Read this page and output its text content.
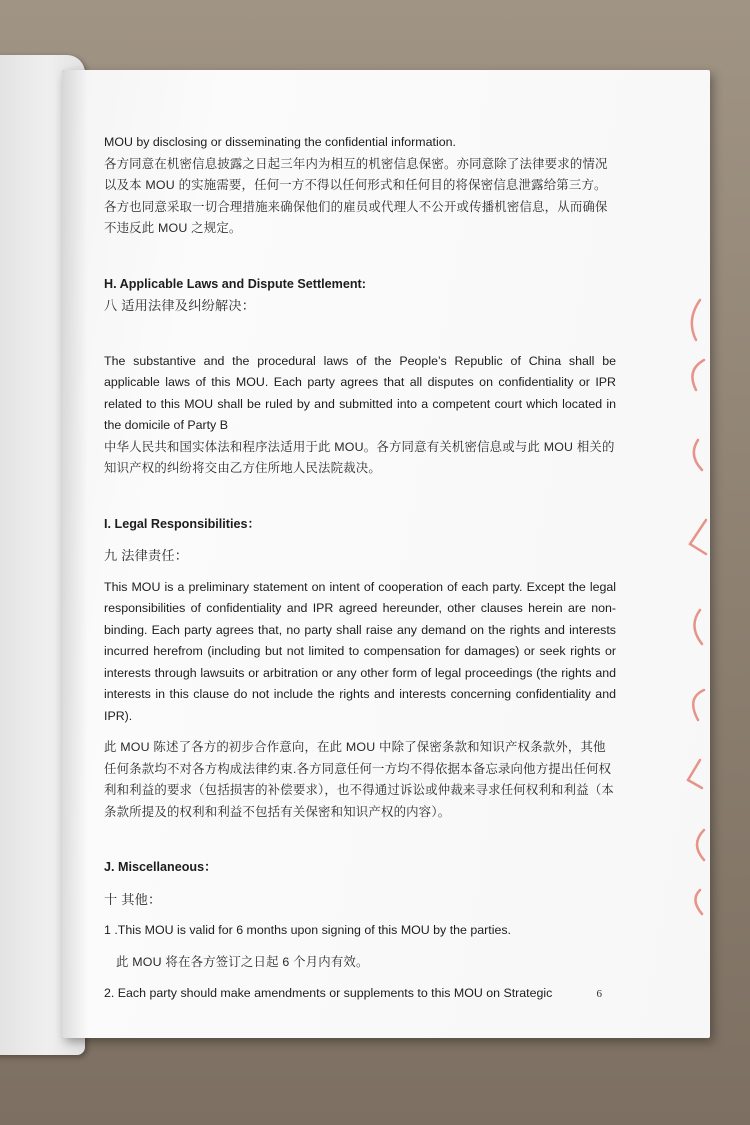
MOU by disclosing or disseminating the confidential information.

各方同意在机密信息披露之日起三年内为相互的机密信息保密。亦同意除了法律要求的情况以及本 MOU 的实施需要，任何一方不得以任何形式和任何目的将保密信息泄露给第三方。各方也同意采取一切合理措施来确保他们的雇员或代理人不公开或传播机密信息，从而确保不违反此 MOU 之规定。

H. Applicable Laws and Dispute Settlement:

八 适用法律及纠纷解决：

The substantive and the procedural laws of the People’s Republic of China shall be applicable laws of this MOU. Each party agrees that all disputes on confidentiality or IPR related to this MOU shall be ruled by and submitted into a competent court which located in the domicile of Party B

中华人民共和国实体法和程序法适用于此 MOU。各方同意有关机密信息或与此 MOU 相关的知识产权的纠纷将交由乙方住所地人民法院裁决。

I. Legal Responsibilities：

九 法律责任：

This MOU is a preliminary statement on intent of cooperation of each party. Except the legal responsibilities of confidentiality and IPR agreed hereunder, other clauses herein are non-binding. Each party agrees that, no party shall raise any demand on the rights and interests incurred herefrom (including but not limited to compensation for damages) or seek rights or interests through lawsuits or arbitration or any other form of legal proceedings (the rights and interests in this clause do not include the rights and interests concerning confidentiality and IPR).

此 MOU 陈述了各方的初步合作意向，在此 MOU 中除了保密条款和知识产权条款外，其他任何条款均不对各方构成法律约束.各方同意任何一方均不得依据本备忘录向他方提出任何权利和利益的要求（包括损害的补偿要求），也不得通过诉讼或仲裁来寻求任何权利和利益（本条款所提及的权利和利益不包括有关保密和知识产权的内容）。

J. Miscellaneous：

十 其他：

1 .This MOU is valid for 6 months upon signing of this MOU by the parties.

此 MOU 将在各方签订之日起 6 个月内有效。

2. Each party should make amendments or supplements to this MOU on Strategic	6
